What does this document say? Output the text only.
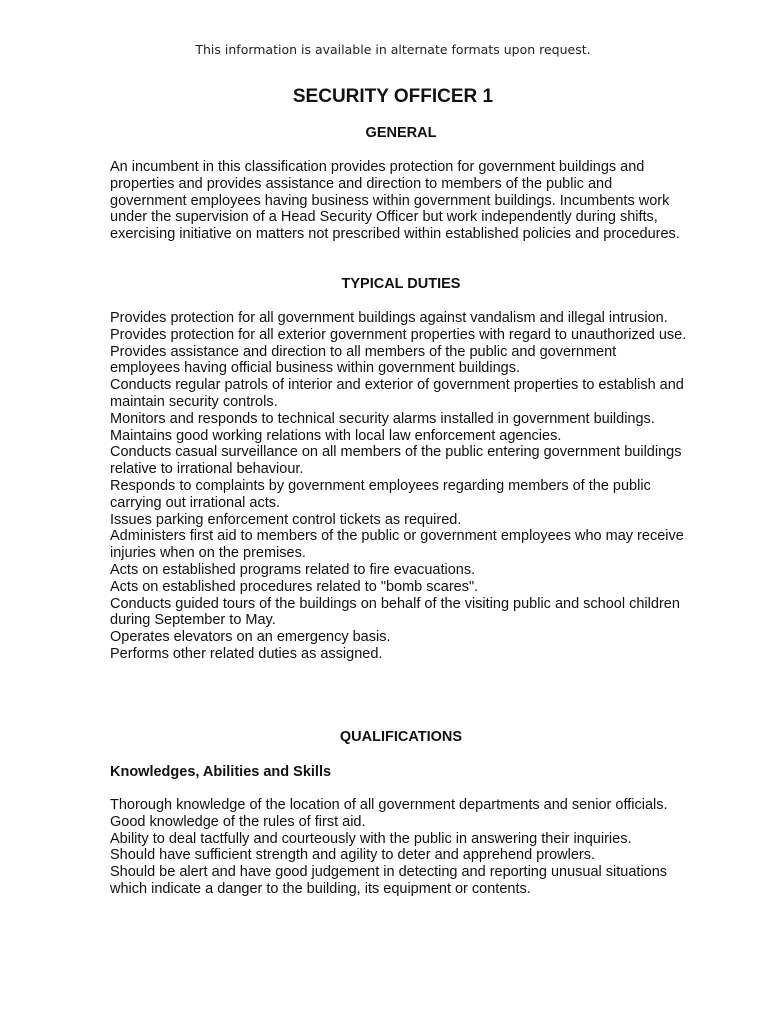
This information is available in alternate formats upon request.
SECURITY OFFICER 1
GENERAL

An incumbent in this classification provides protection for government buildings and properties and provides assistance and direction to members of the public and government employees having business within government buildings. Incumbents work under the supervision of a Head Security Officer but work independently during shifts, exercising initiative on matters not prescribed within established policies and procedures.

TYPICAL DUTIES

Provides protection for all government buildings against vandalism and illegal intrusion.

Provides protection for all exterior government properties with regard to unauthorized use.

Provides assistance and direction to all members of the public and government employees having official business within government buildings.

Conducts regular patrols of interior and exterior of government properties to establish and maintain security controls.

Monitors and responds to technical security alarms installed in government buildings.

Maintains good working relations with local law enforcement agencies.

Conducts casual surveillance on all members of the public entering government buildings relative to irrational behaviour.

Responds to complaints by government employees regarding members of the public carrying out irrational acts.

Issues parking enforcement control tickets as required.

Administers first aid to members of the public or government employees who may receive injuries when on the premises.

Acts on established programs related to fire evacuations.

Acts on established procedures related to "bomb scares".

Conducts guided tours of the buildings on behalf of the visiting public and school children during September to May.

Operates elevators on an emergency basis.

Performs other related duties as assigned.

QUALIFICATIONS
Knowledges, Abilities and Skills

Thorough knowledge of the location of all government departments and senior officials.

Good knowledge of the rules of first aid.

Ability to deal tactfully and courteously with the public in answering their inquiries.

Should have sufficient strength and agility to deter and apprehend prowlers.

Should be alert and have good judgement in detecting and reporting unusual situations which indicate a danger to the building, its equipment or contents.
